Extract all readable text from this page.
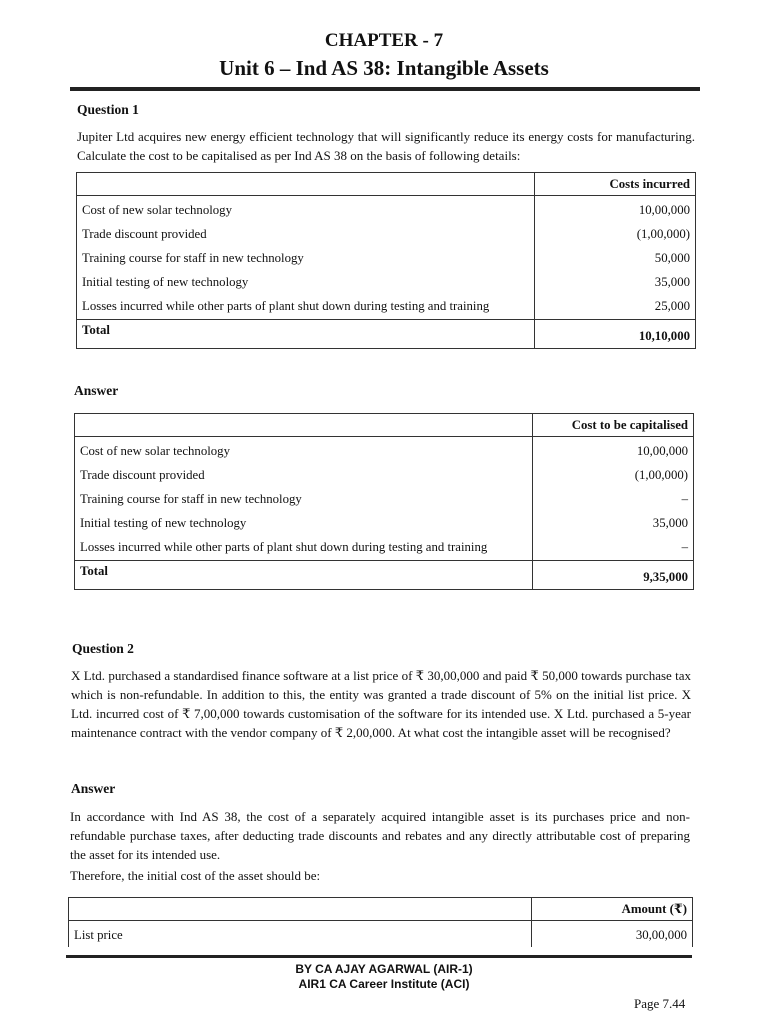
CHAPTER - 7
Unit 6 – Ind AS 38: Intangible Assets
Question 1
Jupiter Ltd acquires new energy efficient technology that will significantly reduce its energy costs for manufacturing. Calculate the cost to be capitalised as per Ind AS 38 on the basis of following details:
	Costs incurred
Cost of new solar technology	10,00,000
Trade discount provided	(1,00,000)
Training course for staff in new technology	50,000
Initial testing of new technology	35,000
Losses incurred while other parts of plant shut down during testing and training	25,000
Total	10,10,000
Answer
	Cost to be capitalised
Cost of new solar technology	10,00,000
Trade discount provided	(1,00,000)
Training course for staff in new technology	–
Initial testing of new technology	35,000
Losses incurred while other parts of plant shut down during testing and training	–
Total	9,35,000
Question 2
X Ltd. purchased a standardised finance software at a list price of ₹ 30,00,000 and paid ₹ 50,000 towards purchase tax which is non-refundable. In addition to this, the entity was granted a trade discount of 5% on the initial list price. X Ltd. incurred cost of ₹ 7,00,000 towards customisation of the software for its intended use. X Ltd. purchased a 5-year maintenance contract with the vendor company of ₹ 2,00,000. At what cost the intangible asset will be recognised?
Answer
In accordance with Ind AS 38, the cost of a separately acquired intangible asset is its purchases price and non-refundable purchase taxes, after deducting trade discounts and rebates and any directly attributable cost of preparing the asset for its intended use.
Therefore, the initial cost of the asset should be:
	Amount (₹)
List price	30,00,000
BY CA AJAY AGARWAL (AIR-1)
AIR1 CA Career Institute (ACI)
Page 7.44
